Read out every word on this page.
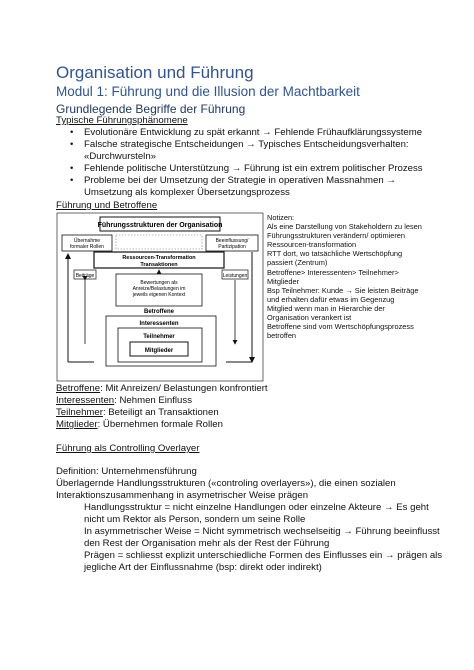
Organisation und Führung
Modul 1: Führung und die Illusion der Machtbarkeit
Grundlegende Begriffe der Führung
Typische Führungsphänomene
• Evolutionäre Entwicklung zu spät erkannt → Fehlende Frühaufklärungssysteme
• Falsche strategische Entscheidungen → Typisches Entscheidungsverhalten: «Durchwursteln»
• Fehlende politische Unterstützung → Führung ist ein extrem politischer Prozess
• Probleme bei der Umsetzung der Strategie in operativen Massnahmen → Umsetzung als komplexer Übersetzungsprozess
Führung und Betroffene
Führungsstrukturen der Organisation
Übernahme
formaler Rollen
Beeinflussung/
Partizipation
Ressourcen-Transformation
Transaktionen
Beiträge	Leistungen
Bewertungen als
Anreize/Belastungen im
jeweils eigenen Kontext
Betroffene
Interessenten
Teilnehmer
Mitglieder
Notizen:
Als eine Darstellung von Stakeholdern zu lesen
Führungsstrukturen verändern/ optimieren Ressourcen-transformation
RTT dort, wo tatsächliche Wertschöpfung passiert (Zentrum)
Betroffene> Interessenten> Teilnehmer> Mitglieder
Bsp Teilnehmer: Kunde → Sie leisten Beiträge und erhalten dafür etwas im Gegenzug
Mitglied wenn man in Hierarchie der Organisation verankert ist
Betroffene sind vom Wertschöpfungsprozess betroffen
Betroffene: Mit Anreizen/ Belastungen konfrontiert
Interessenten: Nehmen Einfluss
Teilnehmer: Beteiligt an Transaktionen
Mitglieder: Übernehmen formale Rollen
Führung als Controlling Overlayer
Definition: Unternehmensführung
Überlagernde Handlungsstrukturen («controling overlayers»), die einen sozialen
Interaktionszusammenhang in asymetrischer Weise prägen
Handlungsstruktur = nicht einzelne Handlungen oder einzelne Akteure → Es geht
nicht um Rektor als Person, sondern um seine Rolle
In asymmetrischer Weise = Nicht symmetrisch wechselseitig → Führung beeinflusst
den Rest der Organisation mehr als der Rest der Führung
Prägen = schliesst explizit unterschiedliche Formen des Einflusses ein → prägen als
jegliche Art der Einflussnahme (bsp: direkt oder indirekt)
